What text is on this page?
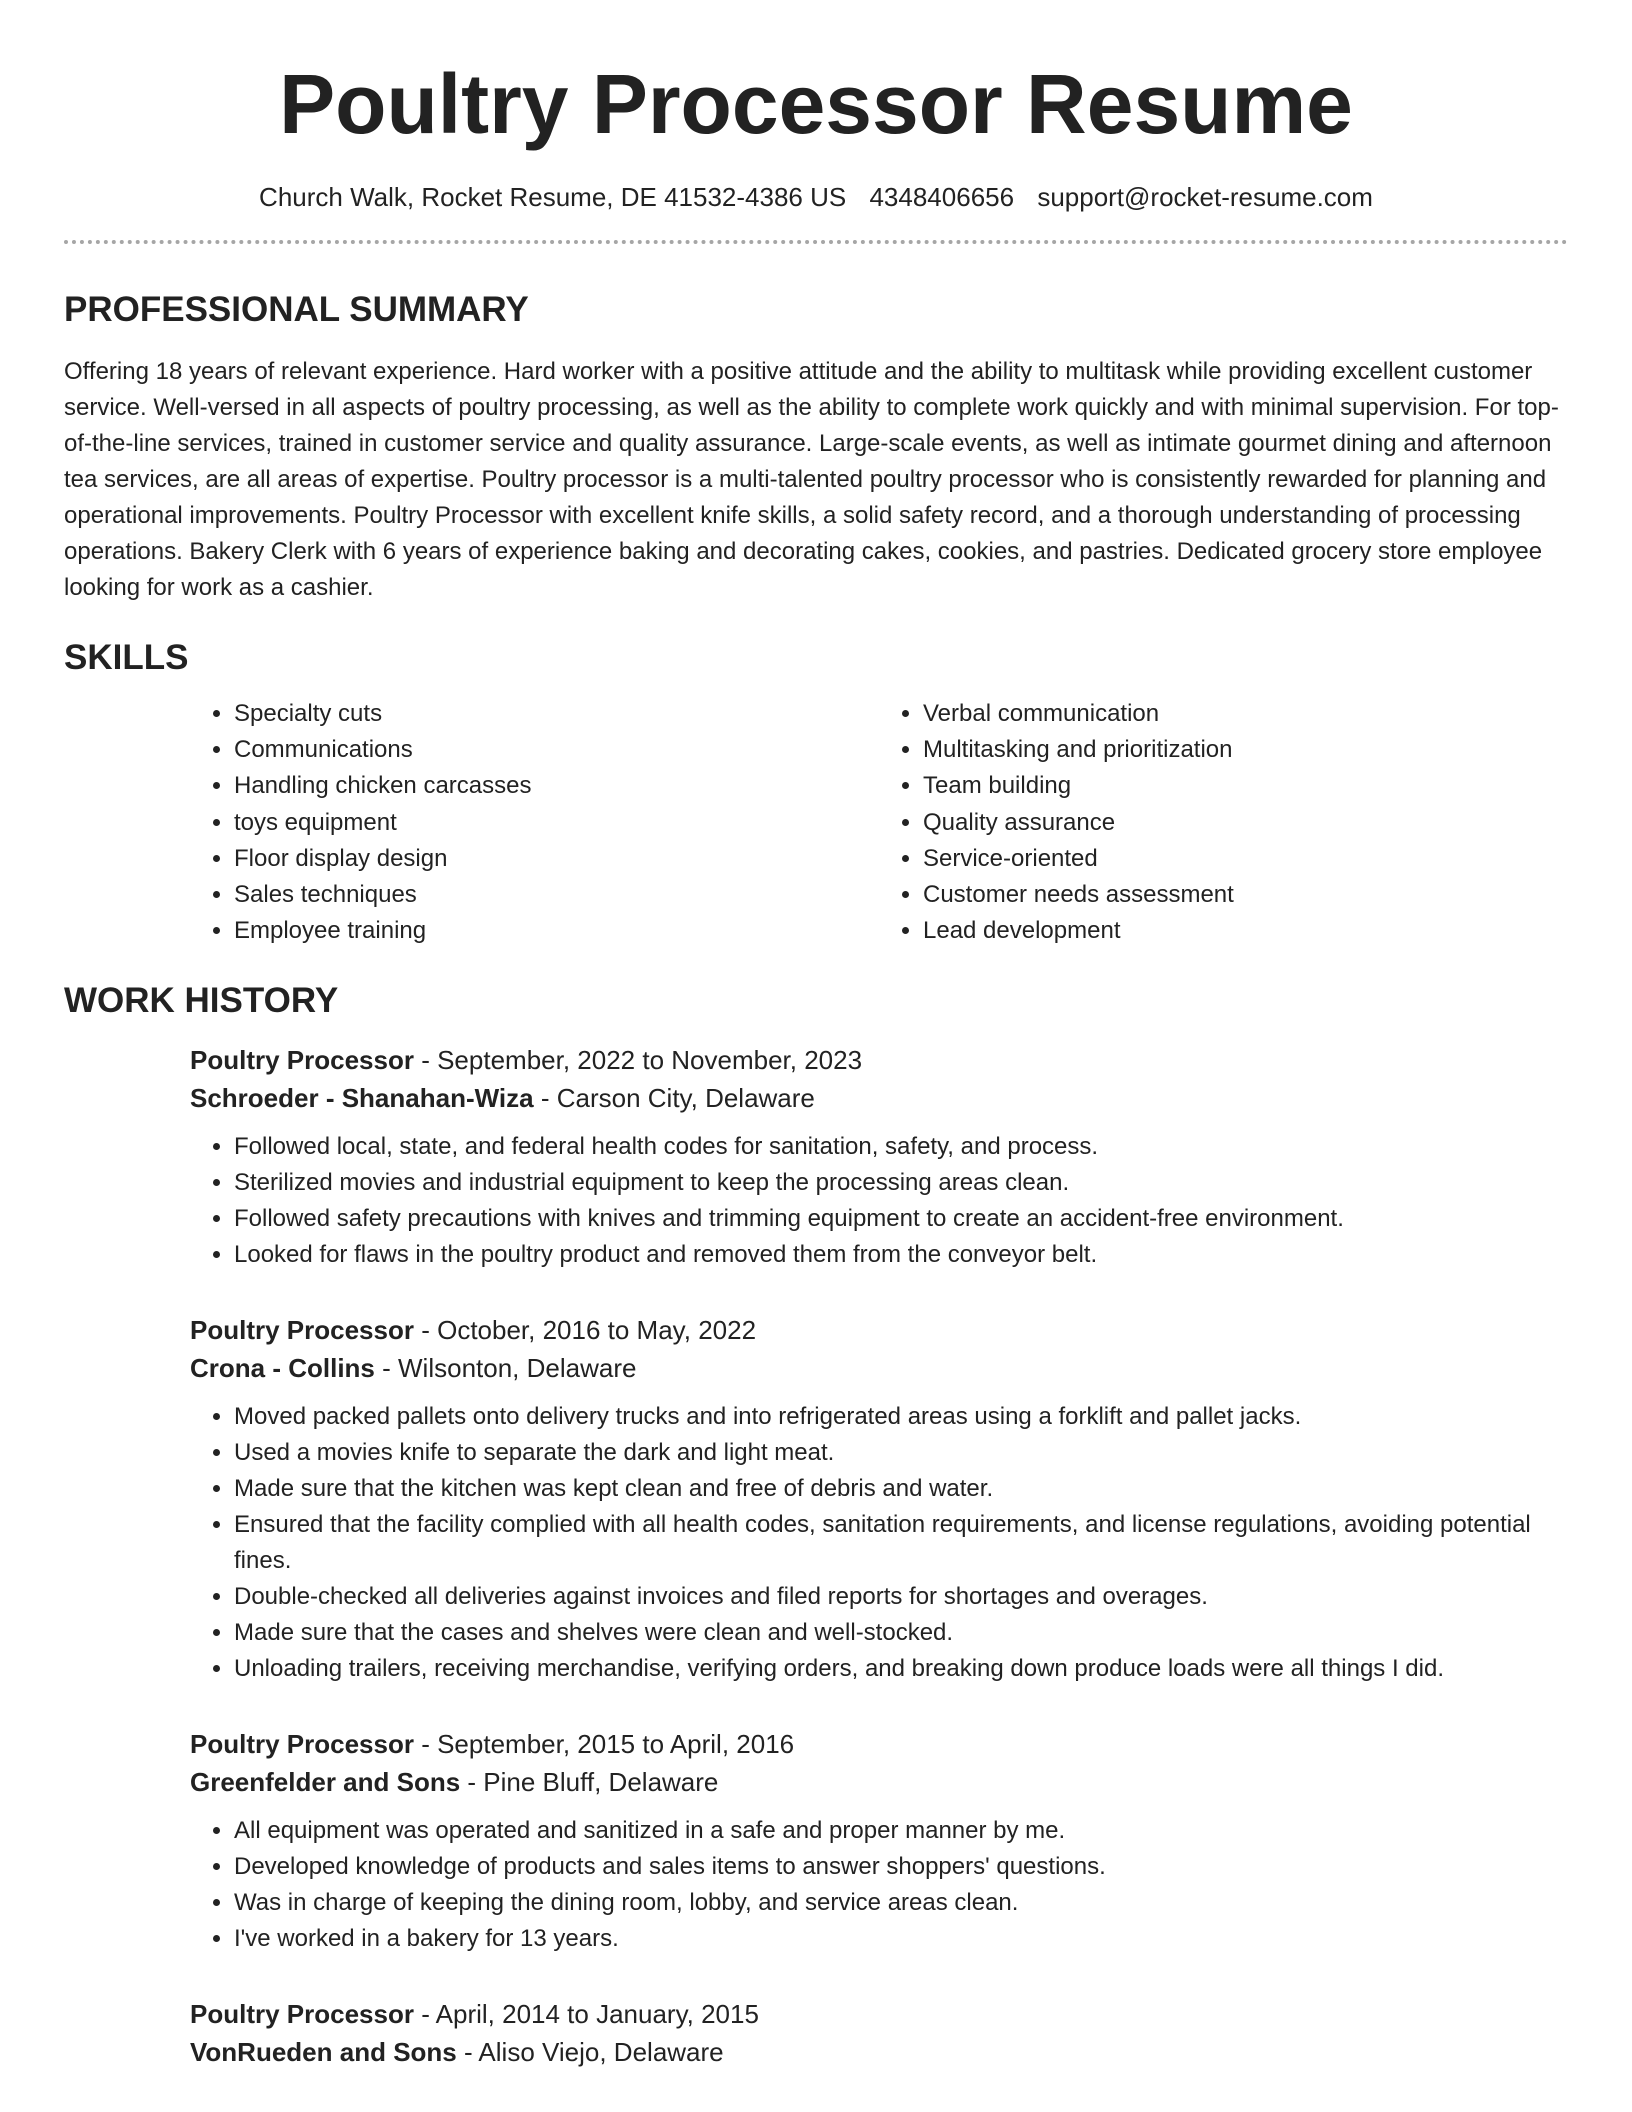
Poultry Processor Resume
Church Walk, Rocket Resume, DE 41532-4386 US 4348406656 support@rocket-resume.com
PROFESSIONAL SUMMARY

Offering 18 years of relevant experience. Hard worker with a positive attitude and the ability to multitask while providing excellent customer service. Well-versed in all aspects of poultry processing, as well as the ability to complete work quickly and with minimal supervision. For top-of-the-line services, trained in customer service and quality assurance. Large-scale events, as well as intimate gourmet dining and afternoon tea services, are all areas of expertise. Poultry processor is a multi-talented poultry processor who is consistently rewarded for planning and operational improvements. Poultry Processor with excellent knife skills, a solid safety record, and a thorough understanding of processing operations. Bakery Clerk with 6 years of experience baking and decorating cakes, cookies, and pastries. Dedicated grocery store employee looking for work as a cashier.

SKILLS
• Specialty cuts
• Communications
• Handling chicken carcasses
• toys equipment
• Floor display design
• Sales techniques
• Employee training
• Verbal communication
• Multitasking and prioritization
• Team building
• Quality assurance
• Service-oriented
• Customer needs assessment
• Lead development
WORK HISTORY
Poultry Processor - September, 2022 to November, 2023
Schroeder - Shanahan-Wiza - Carson City, Delaware
• Followed local, state, and federal health codes for sanitation, safety, and process.
• Sterilized movies and industrial equipment to keep the processing areas clean.
• Followed safety precautions with knives and trimming equipment to create an accident-free environment.
• Looked for flaws in the poultry product and removed them from the conveyor belt.
Poultry Processor - October, 2016 to May, 2022
Crona - Collins - Wilsonton, Delaware
• Moved packed pallets onto delivery trucks and into refrigerated areas using a forklift and pallet jacks.
• Used a movies knife to separate the dark and light meat.
• Made sure that the kitchen was kept clean and free of debris and water.
• Ensured that the facility complied with all health codes, sanitation requirements, and license regulations, avoiding potential fines.
• Double-checked all deliveries against invoices and filed reports for shortages and overages.
• Made sure that the cases and shelves were clean and well-stocked.
• Unloading trailers, receiving merchandise, verifying orders, and breaking down produce loads were all things I did.
Poultry Processor - September, 2015 to April, 2016
Greenfelder and Sons - Pine Bluff, Delaware
• All equipment was operated and sanitized in a safe and proper manner by me.
• Developed knowledge of products and sales items to answer shoppers' questions.
• Was in charge of keeping the dining room, lobby, and service areas clean.
• I've worked in a bakery for 13 years.
Poultry Processor - April, 2014 to January, 2015
VonRueden and Sons - Aliso Viejo, Delaware
